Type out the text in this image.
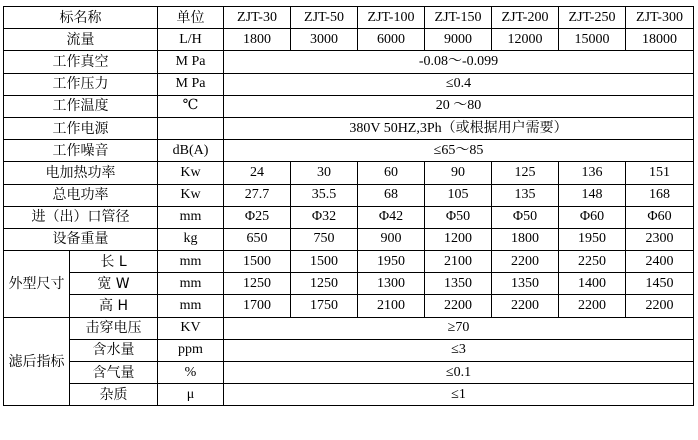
标名称		单位	ZJT-30	ZJT-50	ZJT-100	ZJT-150	ZJT-200	ZJT-250	ZJT-300
流量		L/H	1800	3000	6000	9000	12000	15000	18000
工作真空		M Pa	-0.08～-0.099						
工作压力		M Pa	≤0.4						
工作温度		℃	20 ～80						
工作电源			380V 50HZ,3Ph（或根据用户需要）						
工作噪音		dB(A)	≤65～85						
电加热功率		Kw	24	30	60	90	125	136	151
总电功率		Kw	27.7	35.5	68	105	135	148	168
进（出）口管径		mm	Φ25	Φ32	Φ42	Φ50	Φ50	Φ60	Φ60
设备重量		kg	650	750	900	1200	1800	1950	2300
外型尺寸	长 L	mm	1500	1500	1950	2100	2200	2250	2400
	宽 W	mm	1250	1250	1300	1350	1350	1400	1450
	高 H	mm	1700	1750	2100	2200	2200	2200	2200
滤后指标	击穿电压	KV	≥70						
	含水量	ppm	≤3						
	含气量	%	≤0.1						
	杂质	μ	≤1						
